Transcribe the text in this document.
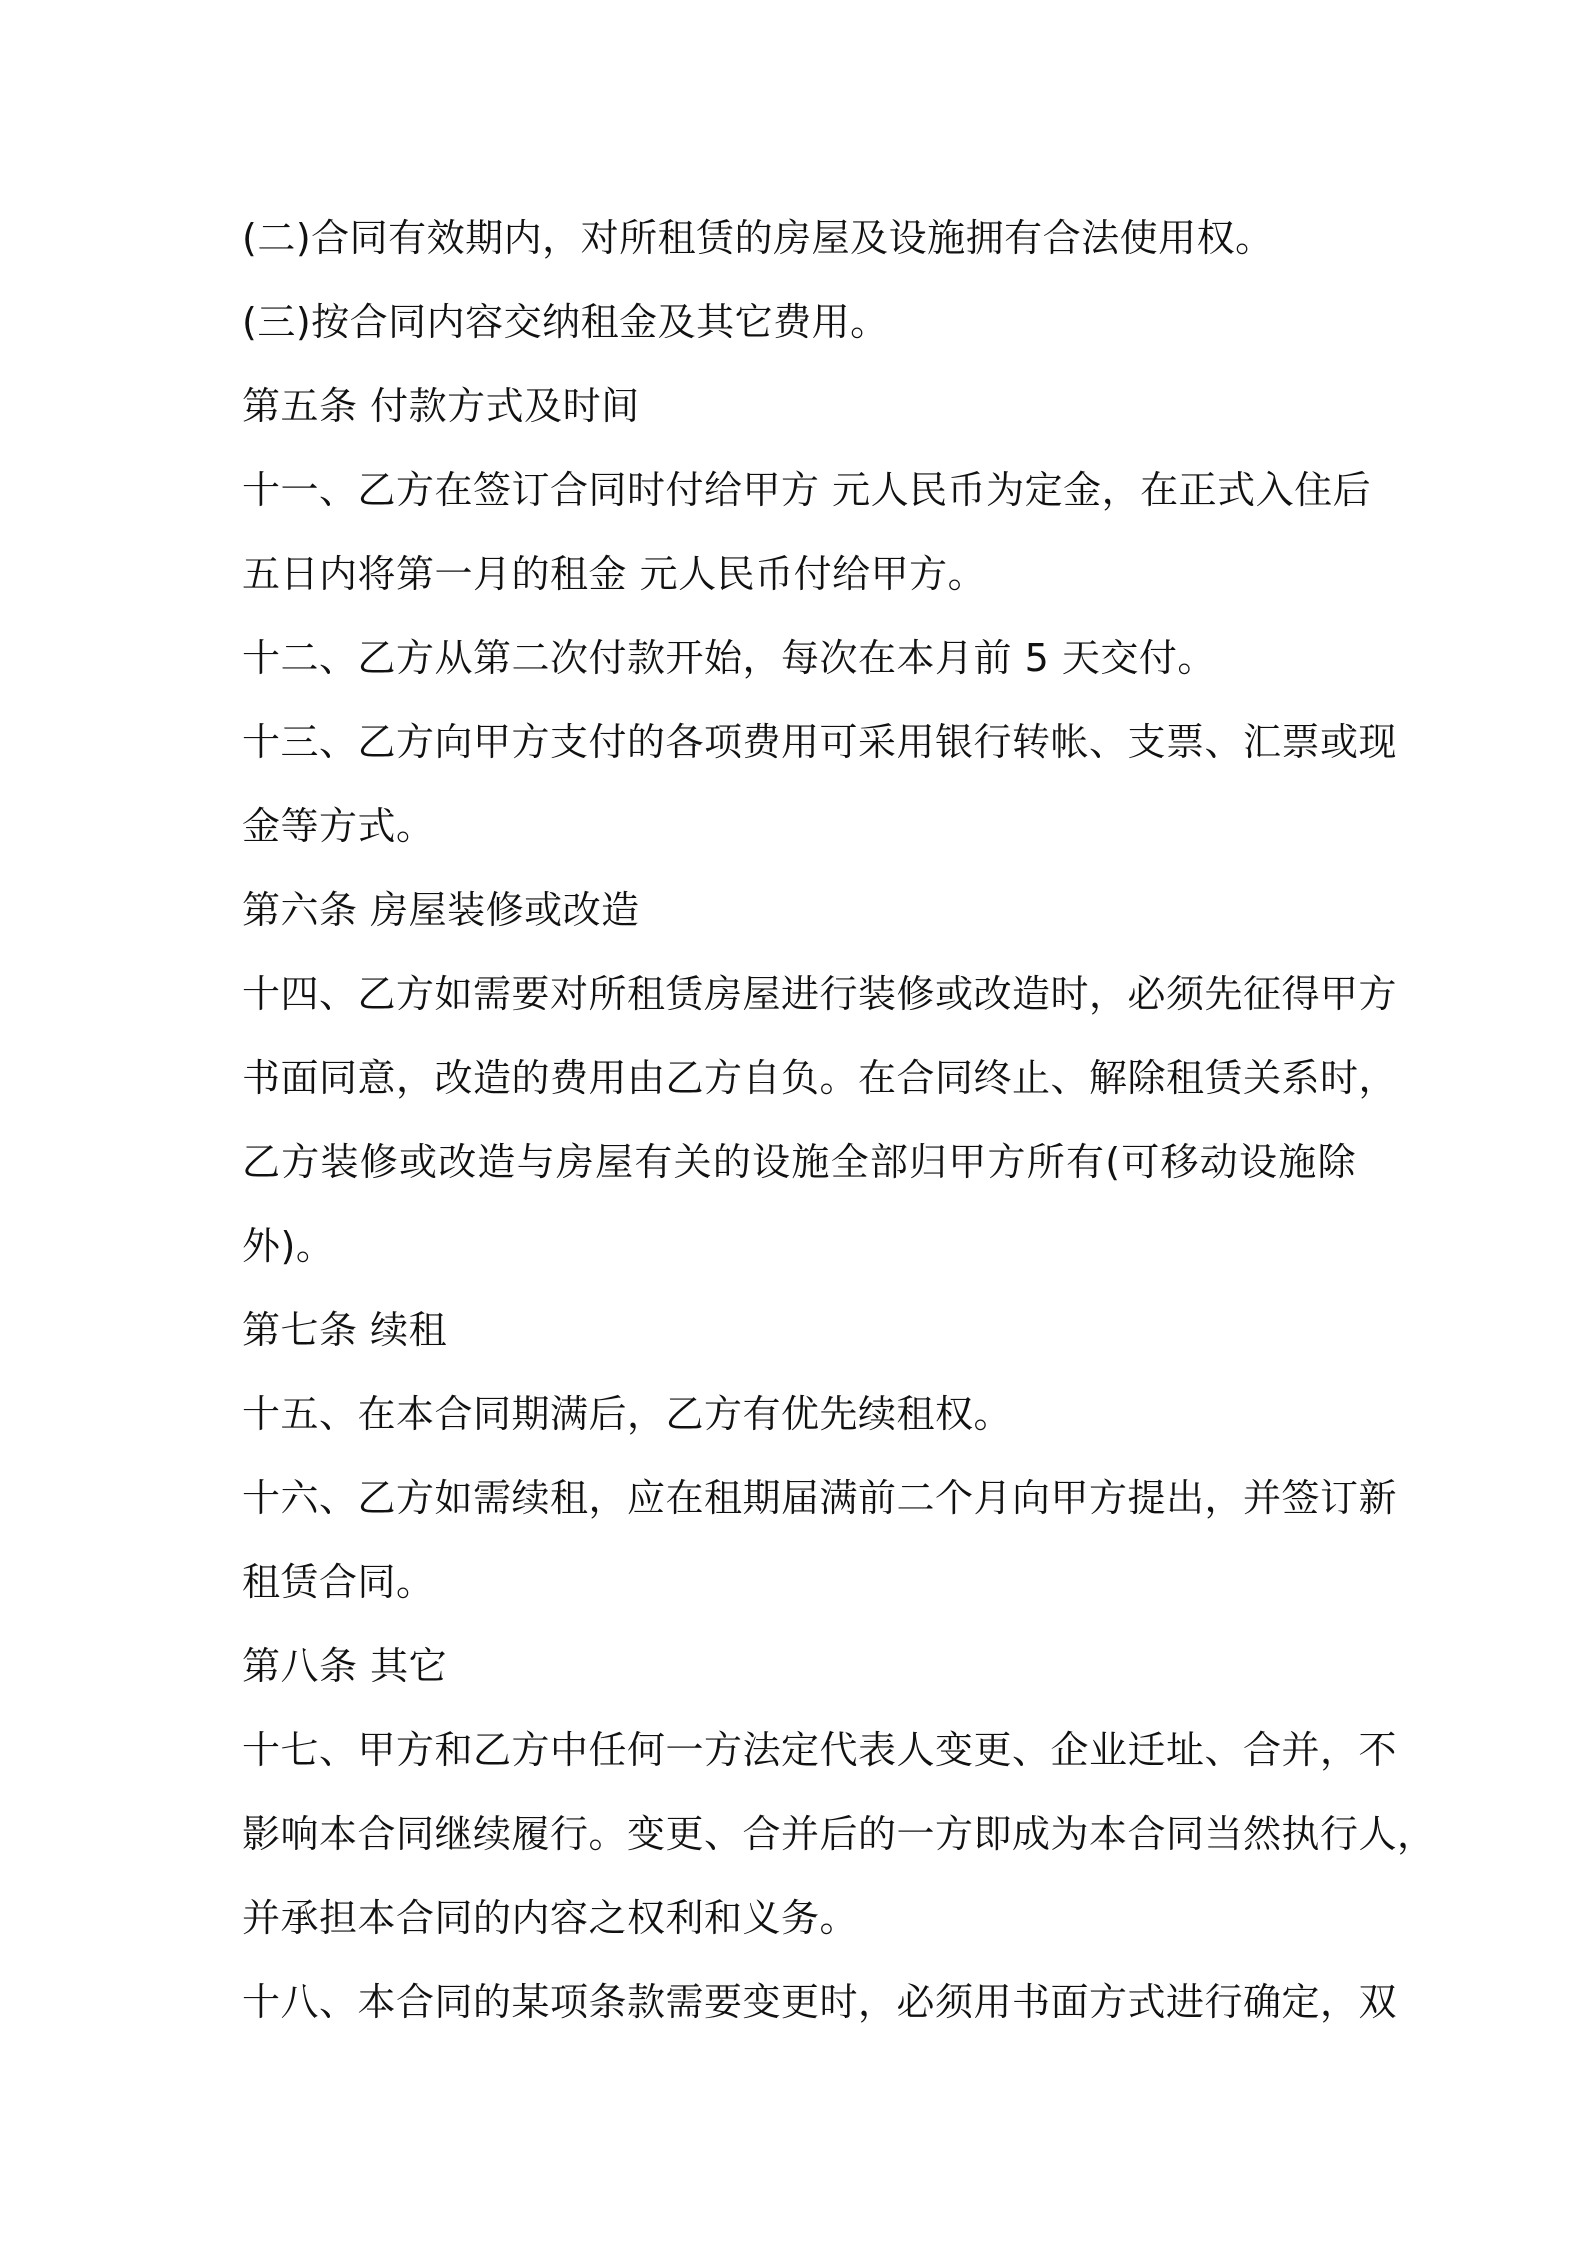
(二)合同有效期内，对所租赁的房屋及设施拥有合法使用权。
(三)按合同内容交纳租金及其它费用。
第五条 付款方式及时间
十一、乙方在签订合同时付给甲方 元人民币为定金，在正式入住后
五日内将第一月的租金 元人民币付给甲方。
十二、乙方从第二次付款开始，每次在本月前 5 天交付。
十三、乙方向甲方支付的各项费用可采用银行转帐、支票、汇票或现
金等方式。
第六条 房屋装修或改造
十四、乙方如需要对所租赁房屋进行装修或改造时，必须先征得甲方
书面同意，改造的费用由乙方自负。在合同终止、解除租赁关系时，
乙方装修或改造与房屋有关的设施全部归甲方所有(可移动设施除
外)。
第七条 续租
十五、在本合同期满后，乙方有优先续租权。
十六、乙方如需续租，应在租期届满前二个月向甲方提出，并签订新
租赁合同。
第八条 其它
十七、甲方和乙方中任何一方法定代表人变更、企业迁址、合并，不
影响本合同继续履行。变更、合并后的一方即成为本合同当然执行人，
并承担本合同的内容之权利和义务。
十八、本合同的某项条款需要变更时，必须用书面方式进行确定，双
